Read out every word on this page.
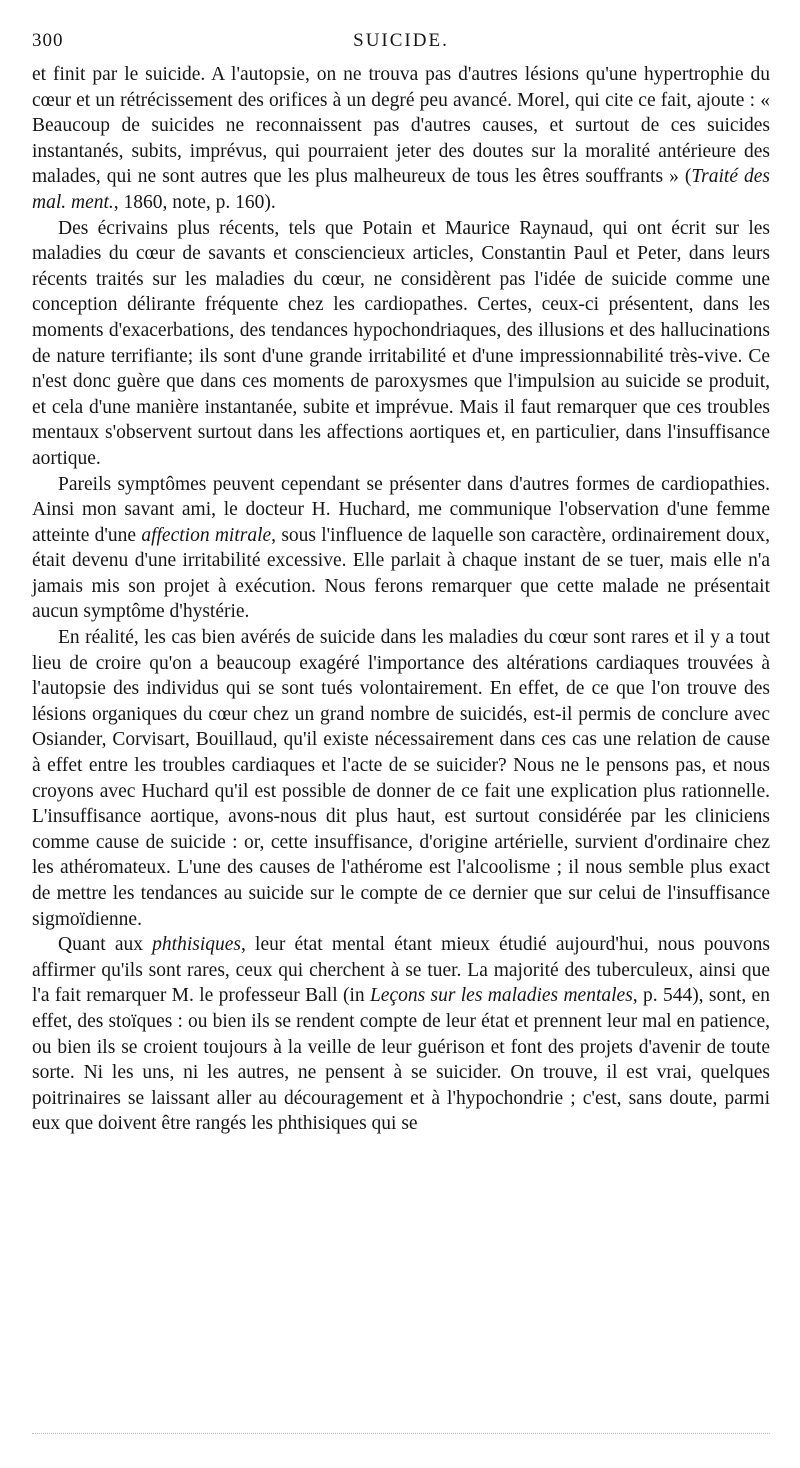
300	SUICIDE.

et finit par le suicide. A l'autopsie, on ne trouva pas d'autres lésions qu'une hypertrophie du cœur et un rétrécissement des orifices à un degré peu avancé. Morel, qui cite ce fait, ajoute : « Beaucoup de suicides ne reconnaissent pas d'autres causes, et surtout de ces suicides instantanés, subits, imprévus, qui pourraient jeter des doutes sur la moralité antérieure des malades, qui ne sont autres que les plus malheureux de tous les êtres souffrants » (Traité des mal. ment., 1860, note, p. 160).

Des écrivains plus récents, tels que Potain et Maurice Raynaud, qui ont écrit sur les maladies du cœur de savants et consciencieux articles, Constantin Paul et Peter, dans leurs récents traités sur les maladies du cœur, ne considèrent pas l'idée de suicide comme une conception délirante fréquente chez les cardiopathes. Certes, ceux-ci présentent, dans les moments d'exacerbations, des tendances hypochondriaques, des illusions et des hallucinations de nature terrifiante; ils sont d'une grande irritabilité et d'une impressionnabilité très-vive. Ce n'est donc guère que dans ces moments de paroxysmes que l'impulsion au suicide se produit, et cela d'une manière instantanée, subite et imprévue. Mais il faut remarquer que ces troubles mentaux s'observent surtout dans les affections aortiques et, en particulier, dans l'insuffisance aortique.

Pareils symptômes peuvent cependant se présenter dans d'autres formes de cardiopathies. Ainsi mon savant ami, le docteur H. Huchard, me communique l'observation d'une femme atteinte d'une affection mitrale, sous l'influence de laquelle son caractère, ordinairement doux, était devenu d'une irritabilité excessive. Elle parlait à chaque instant de se tuer, mais elle n'a jamais mis son projet à exécution. Nous ferons remarquer que cette malade ne présentait aucun symptôme d'hystérie.

En réalité, les cas bien avérés de suicide dans les maladies du cœur sont rares et il y a tout lieu de croire qu'on a beaucoup exagéré l'importance des altérations cardiaques trouvées à l'autopsie des individus qui se sont tués volontairement. En effet, de ce que l'on trouve des lésions organiques du cœur chez un grand nombre de suicidés, est-il permis de conclure avec Osiander, Corvisart, Bouillaud, qu'il existe nécessairement dans ces cas une relation de cause à effet entre les troubles cardiaques et l'acte de se suicider? Nous ne le pensons pas, et nous croyons avec Huchard qu'il est possible de donner de ce fait une explication plus rationnelle. L'insuffisance aortique, avons-nous dit plus haut, est surtout considérée par les cliniciens comme cause de suicide : or, cette insuffisance, d'origine artérielle, survient d'ordinaire chez les athéromateux. L'une des causes de l'athérome est l'alcoolisme ; il nous semble plus exact de mettre les tendances au suicide sur le compte de ce dernier que sur celui de l'insuffisance sigmoïdienne.

Quant aux phthisiques, leur état mental étant mieux étudié aujourd'hui, nous pouvons affirmer qu'ils sont rares, ceux qui cherchent à se tuer. La majorité des tuberculeux, ainsi que l'a fait remarquer M. le professeur Ball (in Leçons sur les maladies mentales, p. 544), sont, en effet, des stoïques : ou bien ils se rendent compte de leur état et prennent leur mal en patience, ou bien ils se croient toujours à la veille de leur guérison et font des projets d'avenir de toute sorte. Ni les uns, ni les autres, ne pensent à se suicider. On trouve, il est vrai, quelques poitrinaires se laissant aller au découragement et à l'hypochondrie ; c'est, sans doute, parmi eux que doivent être rangés les phthisiques qui se
